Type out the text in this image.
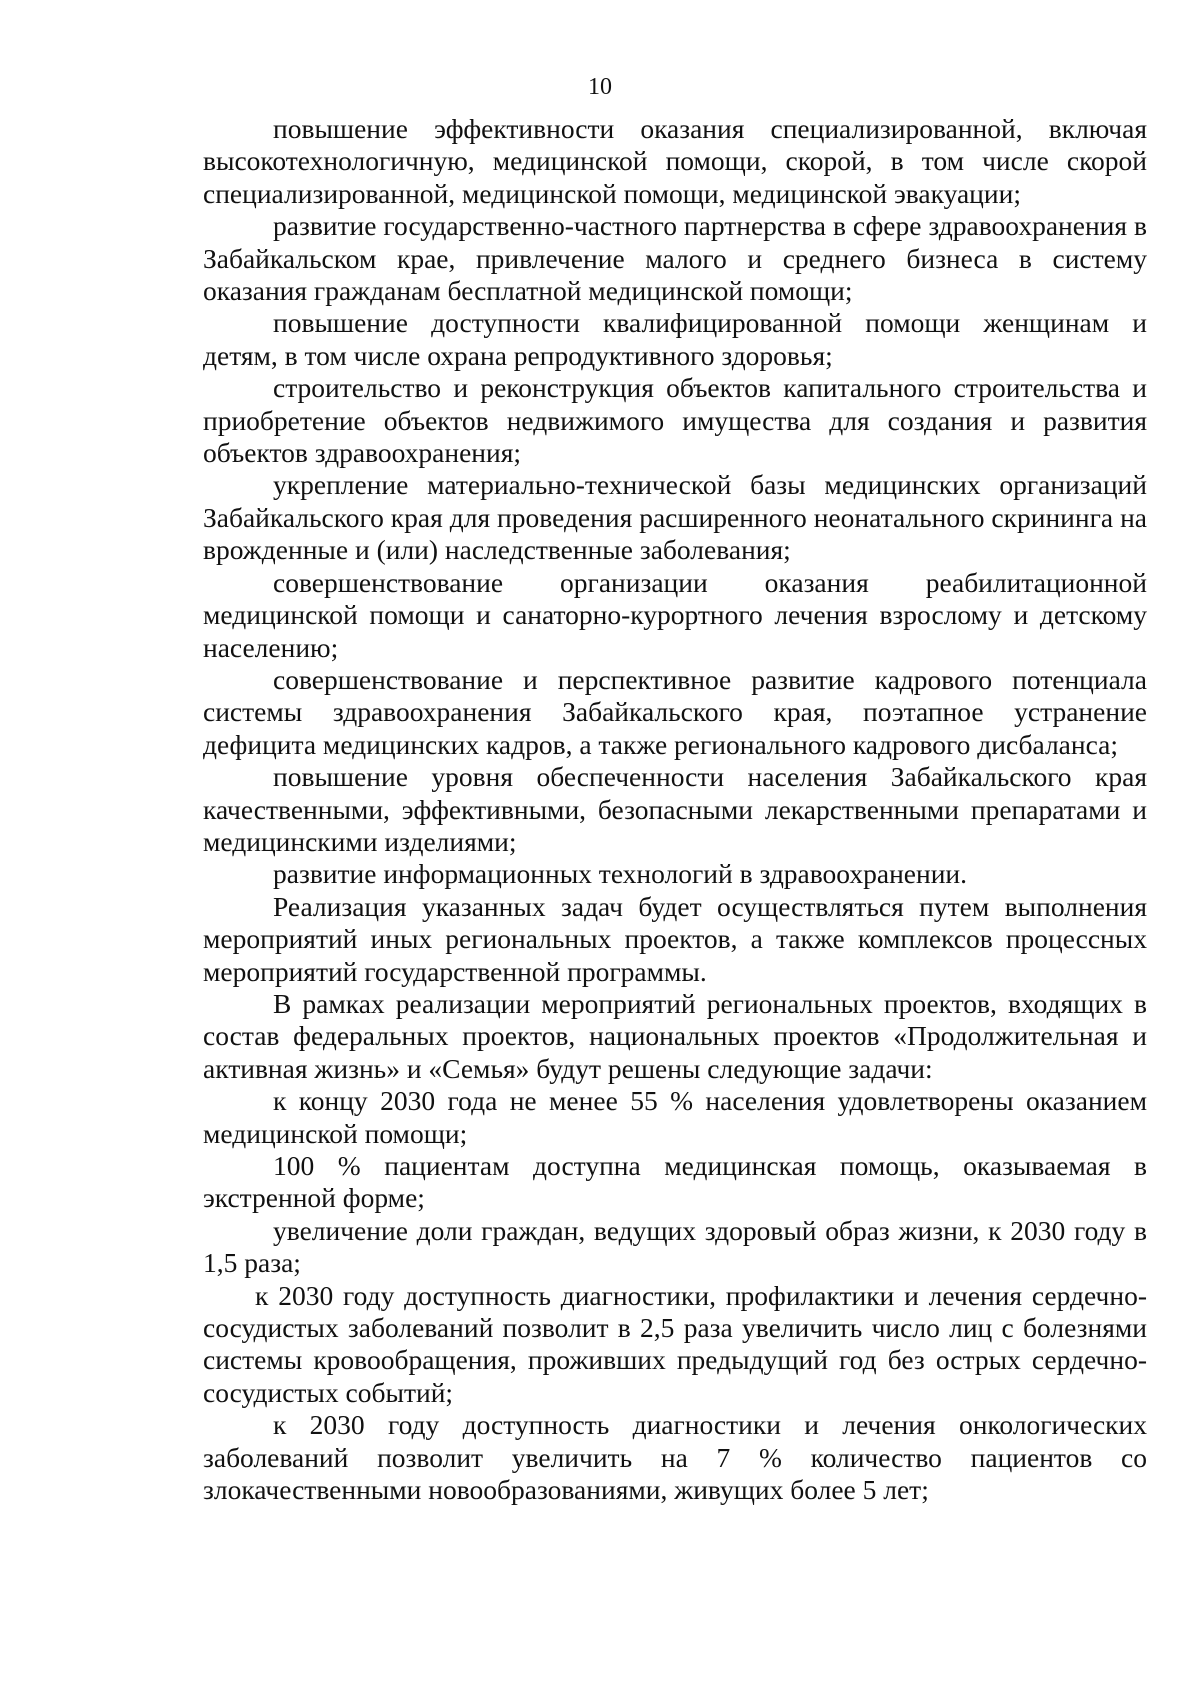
10

повышение эффективности оказания специализированной, включая высокотехнологичную, медицинской помощи, скорой, в том числе скорой специализированной, медицинской помощи, медицинской эвакуации;

развитие государственно-частного партнерства в сфере здравоохранения в Забайкальском крае, привлечение малого и среднего бизнеса в систему оказания гражданам бесплатной медицинской помощи;

повышение доступности квалифицированной помощи женщинам и детям, в том числе охрана репродуктивного здоровья;

строительство и реконструкция объектов капитального строительства и приобретение объектов недвижимого имущества для создания и развития объектов здравоохранения;

укрепление материально-технической базы медицинских организаций Забайкальского края для проведения расширенного неонатального скрининга на врожденные и (или) наследственные заболевания;

совершенствование организации оказания реабилитационной медицинской помощи и санаторно-курортного лечения взрослому и детскому населению;

совершенствование и перспективное развитие кадрового потенциала системы здравоохранения Забайкальского края, поэтапное устранение дефицита медицинских кадров, а также регионального кадрового дисбаланса;

повышение уровня обеспеченности населения Забайкальского края качественными, эффективными, безопасными лекарственными препаратами и медицинскими изделиями;

развитие информационных технологий в здравоохранении.

Реализация указанных задач будет осуществляться путем выполнения мероприятий иных региональных проектов, а также комплексов процессных мероприятий государственной программы.

В рамках реализации мероприятий региональных проектов, входящих в состав федеральных проектов, национальных проектов «Продолжительная и активная жизнь» и «Семья» будут решены следующие задачи:

к концу 2030 года не менее 55 % населения удовлетворены оказанием медицинской помощи;

100 % пациентам доступна медицинская помощь, оказываемая в экстренной форме;

увеличение доли граждан, ведущих здоровый образ жизни, к 2030 году в 1,5 раза;

к 2030 году доступность диагностики, профилактики и лечения сердечно-сосудистых заболеваний позволит в 2,5 раза увеличить число лиц с болезнями системы кровообращения, проживших предыдущий год без острых сердечно-сосудистых событий;

к 2030 году доступность диагностики и лечения онкологических заболеваний позволит увеличить на 7 % количество пациентов со злокачественными новообразованиями, живущих более 5 лет;
